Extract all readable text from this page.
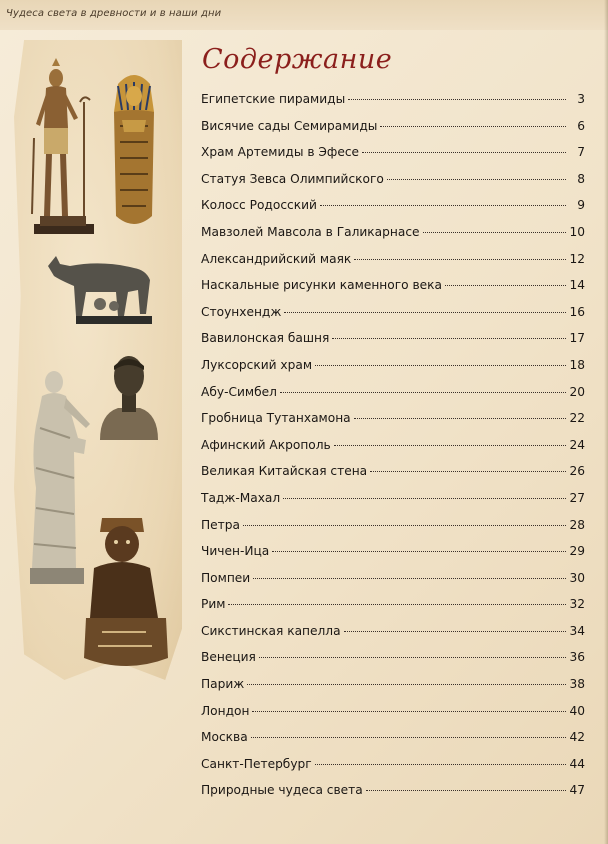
Чудеса света в древности и в наши дни
Содержание
Египетские пирамиды	3
Висячие сады Семирамиды	6
Храм Артемиды в Эфесе	7
Статуя Зевса Олимпийского	8
Колосс Родосский	9
Мавзолей Мавсола в Галикарнасе	10
Александрийский маяк	12
Наскальные рисунки каменного века	14
Стоунхендж	16
Вавилонская башня	17
Луксорский храм	18
Абу-Симбел	20
Гробница Тутанхамона	22
Афинский Акрополь	24
Великая Китайская стена	26
Тадж-Махал	27
Петра	28
Чичен-Ица	29
Помпеи	30
Рим	32
Сикстинская капелла	34
Венеция	36
Париж	38
Лондон	40
Москва	42
Санкт-Петербург	44
Природные чудеса света	47
